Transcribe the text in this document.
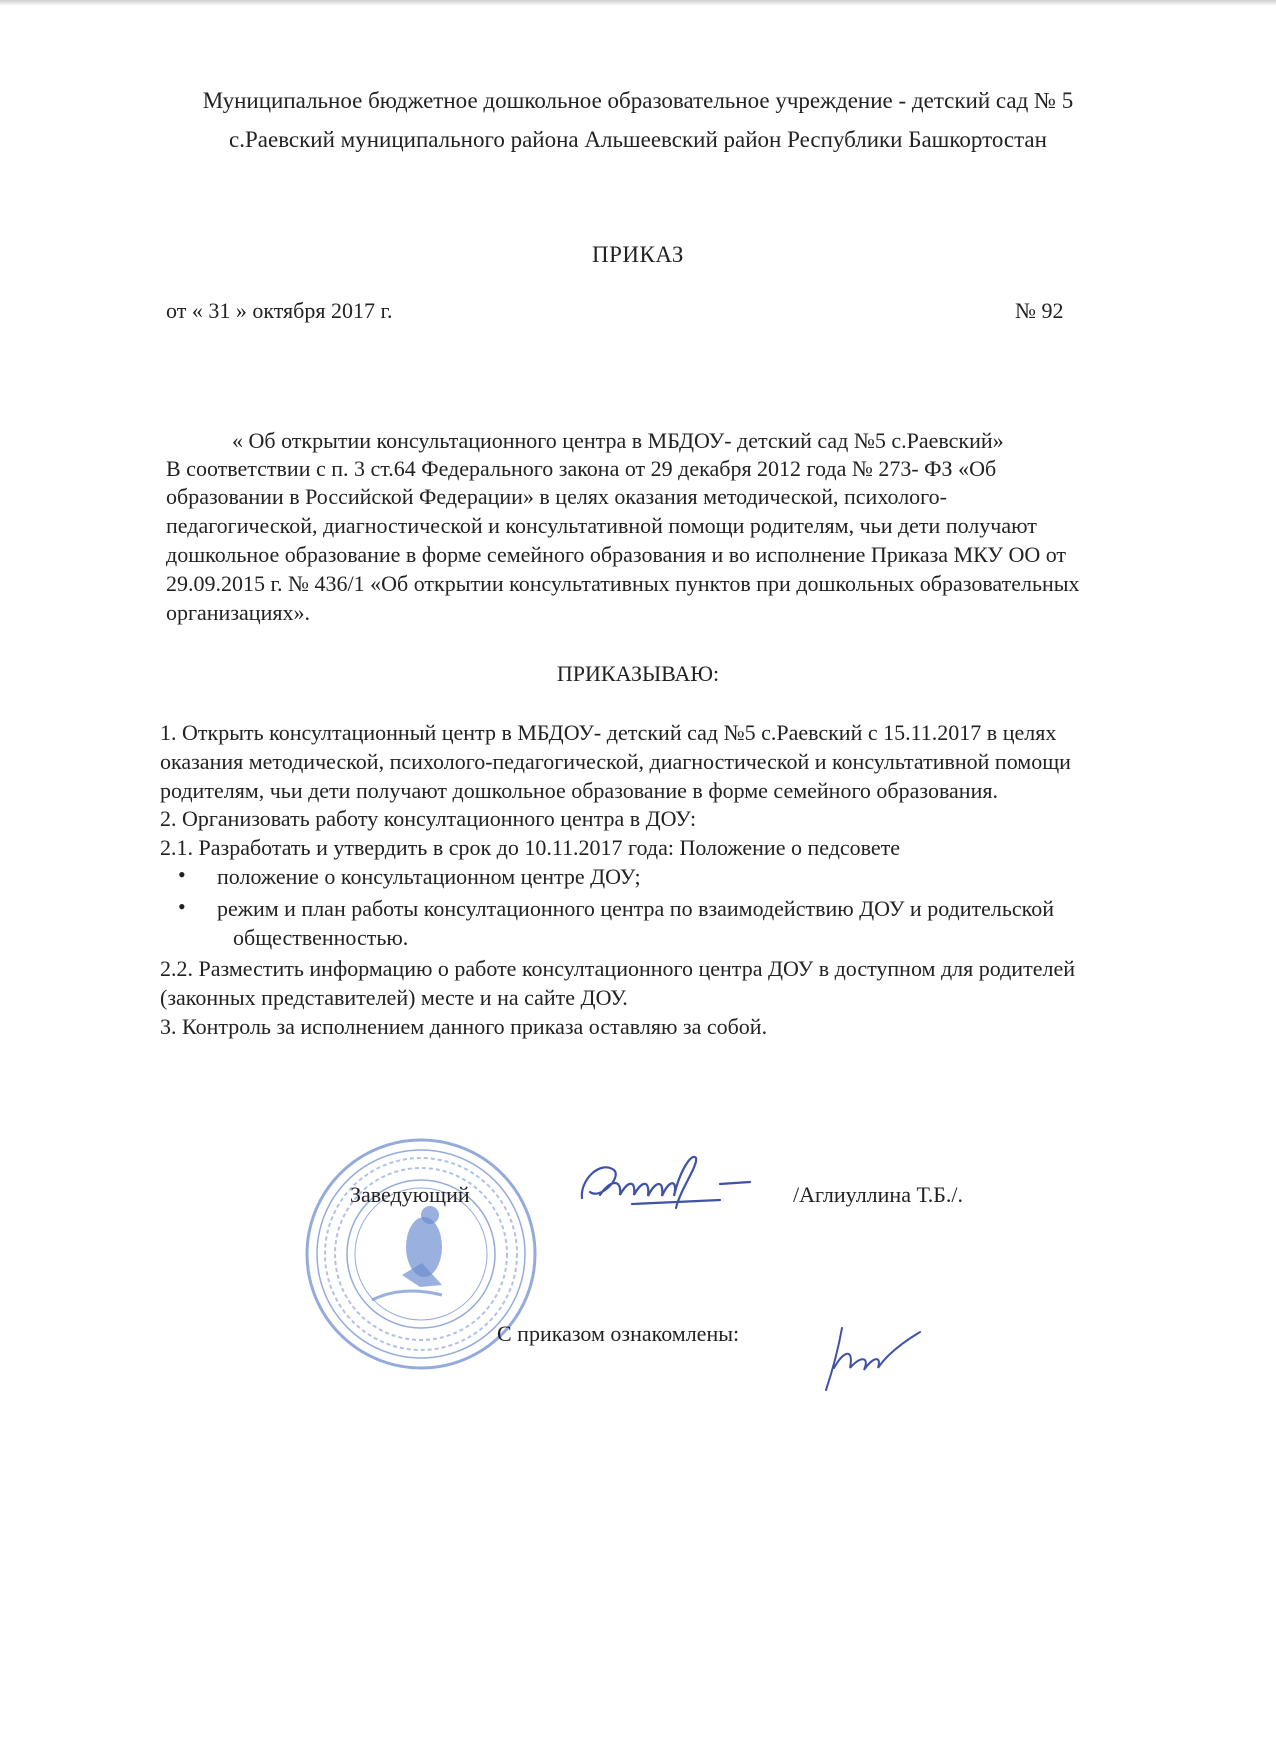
Муниципальное бюджетное дошкольное образовательное учреждение - детский сад № 5
с.Раевский муниципального района Альшеевский район Республики Башкортостан
ПРИКАЗ
от « 31 » октября 2017 г.	№ 92
« Об открытии консультационного центра в МБДОУ- детский сад №5 с.Раевский»
В соответствии с п. 3 ст.64 Федерального закона от 29 декабря 2012 года № 273- ФЗ «Об
образовании в Российской Федерации» в целях оказания методической, психолого-
педагогической, диагностической и консультативной помощи родителям, чьи дети получают
дошкольное образование в форме семейного образования и во исполнение Приказа МКУ ОО от
29.09.2015 г. № 436/1 «Об открытии консультативных пунктов при дошкольных образовательных
организациях».
ПРИКАЗЫВАЮ:
1. Открыть консултационный центр в МБДОУ- детский сад №5 с.Раевский с 15.11.2017 в целях
оказания методической, психолого-педагогической, диагностической и консультативной помощи
родителям, чьи дети получают дошкольное образование в форме семейного образования.
2. Организовать работу консултационного центра в ДОУ:
2.1. Разработать и утвердить в срок до 10.11.2017 года: Положение о педсовете
• положение о консультационном центре ДОУ;
• режим и план работы консултационного центра по взаимодействию ДОУ и родительской
общественностью.
2.2. Разместить информацию о работе консултационного центра ДОУ в доступном для родителей
(законных представителей) месте и на сайте ДОУ.
3. Контроль за исполнением данного приказа оставляю за собой.
Заведующий	/Аглиуллина Т.Б./.
С приказом ознакомлены:
